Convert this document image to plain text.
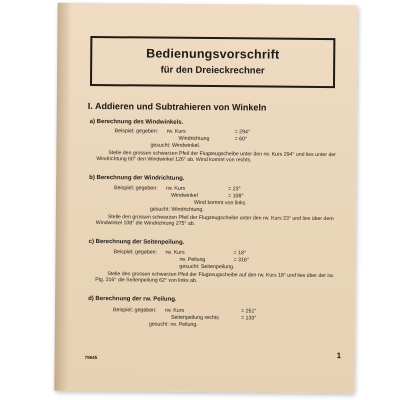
Bedienungsvorschrift
für den Dreieckrechner
I. Addieren und Subtrahieren von Winkeln
a) Berechnung des Windwinkels.
Beispiel; gegeben: rw. Kurs	= 294°
Windrichtung	= 60°
gesucht: Windwinkel.
Stelle den grossen schwarzen Pfeil der Flugzeugscheibe unter den rw. Kurs 294° und lies unter der Windrichtung 60° den Windwinkel 126° ab. Wind kommt von rechts.
b) Berechnung der Windrichtung.
Beispiel; gegeben: rw. Kurs	= 23°
Windwinkel	= 108°
Wind kommt von links
gesucht: Windrichtung.
Stelle den grossen schwarzen Pfeil der Flugzeugscheibe unter den rw. Kurs 23° und lies über dem Windwinkel 108° die Windrichtung 275° ab.
c) Berechnung der Seitenpeilung.
Beispiel; gegeben: rw. Kurs	= 18°
rw. Peilung	= 316°
gesucht: Seitenpeilung.
Stelle den grossen schwarzen Pfeil der Flugzeugscheibe auf den rw. Kurs 18° und lies über der rw. Plg. 316° die Seitenpeilung 62° von links ab.
d) Berechnung der rw. Peilung.
Beispiel; gegeben: rw. Kurs	= 251°
Seitenpeilung rechts	= 133°
gesucht: rw. Peilung.
79645	1
